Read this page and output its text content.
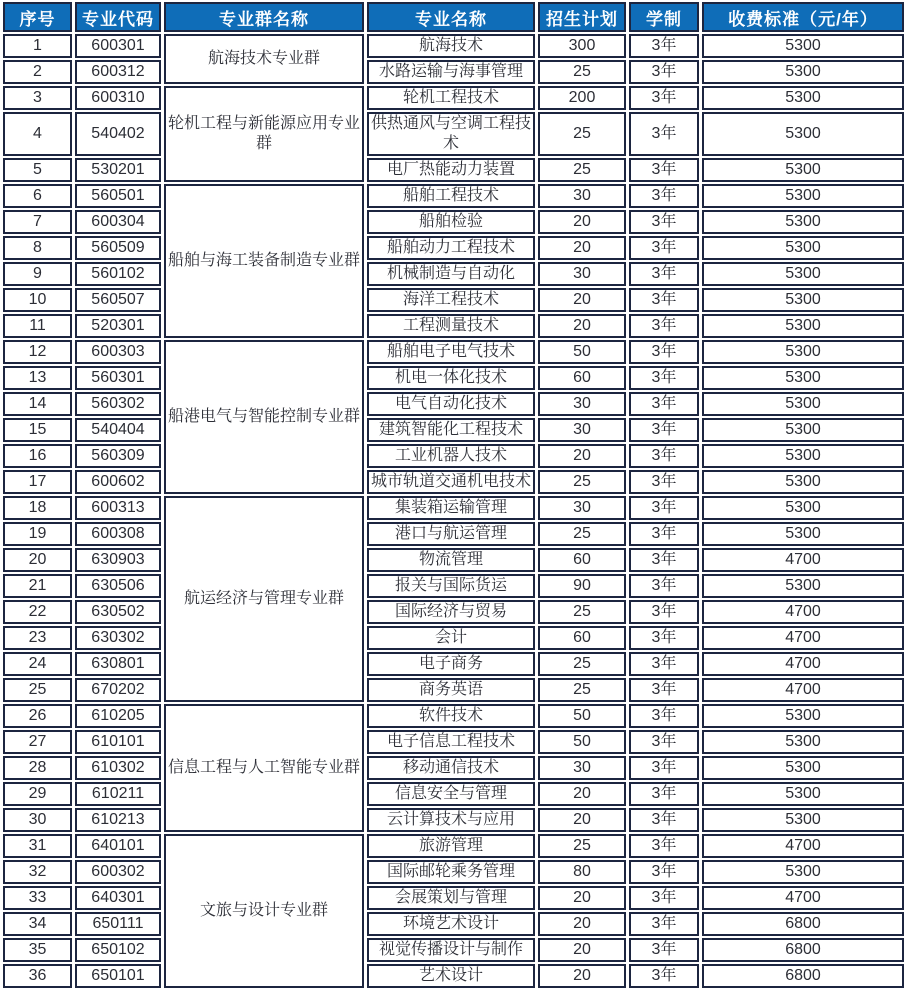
序号	专业代码	专业群名称	专业名称	招生计划	学制	收费标准（元/年）
1	600301	航海技术专业群	航海技术	300	3年	5300
2	600312		水路运输与海事管理	25	3年	5300
3	600310	轮机工程与新能源应用专业群	轮机工程技术	200	3年	5300
4	540402		供热通风与空调工程技术	25	3年	5300
5	530201		电厂热能动力装置	25	3年	5300
6	560501	船舶与海工装备制造专业群	船舶工程技术	30	3年	5300
7	600304		船舶检验	20	3年	5300
8	560509		船舶动力工程技术	20	3年	5300
9	560102		机械制造与自动化	30	3年	5300
10	560507		海洋工程技术	20	3年	5300
11	520301		工程测量技术	20	3年	5300
12	600303	船港电气与智能控制专业群	船舶电子电气技术	50	3年	5300
13	560301		机电一体化技术	60	3年	5300
14	560302		电气自动化技术	30	3年	5300
15	540404		建筑智能化工程技术	30	3年	5300
16	560309		工业机器人技术	20	3年	5300
17	600602		城市轨道交通机电技术	25	3年	5300
18	600313	航运经济与管理专业群	集装箱运输管理	30	3年	5300
19	600308		港口与航运管理	25	3年	5300
20	630903		物流管理	60	3年	4700
21	630506		报关与国际货运	90	3年	5300
22	630502		国际经济与贸易	25	3年	4700
23	630302		会计	60	3年	4700
24	630801		电子商务	25	3年	4700
25	670202		商务英语	25	3年	4700
26	610205	信息工程与人工智能专业群	软件技术	50	3年	5300
27	610101		电子信息工程技术	50	3年	5300
28	610302		移动通信技术	30	3年	5300
29	610211		信息安全与管理	20	3年	5300
30	610213		云计算技术与应用	20	3年	5300
31	640101	文旅与设计专业群	旅游管理	25	3年	4700
32	600302		国际邮轮乘务管理	80	3年	5300
33	640301		会展策划与管理	20	3年	4700
34	650111		环境艺术设计	20	3年	6800
35	650102		视觉传播设计与制作	20	3年	6800
36	650101		艺术设计	20	3年	6800
